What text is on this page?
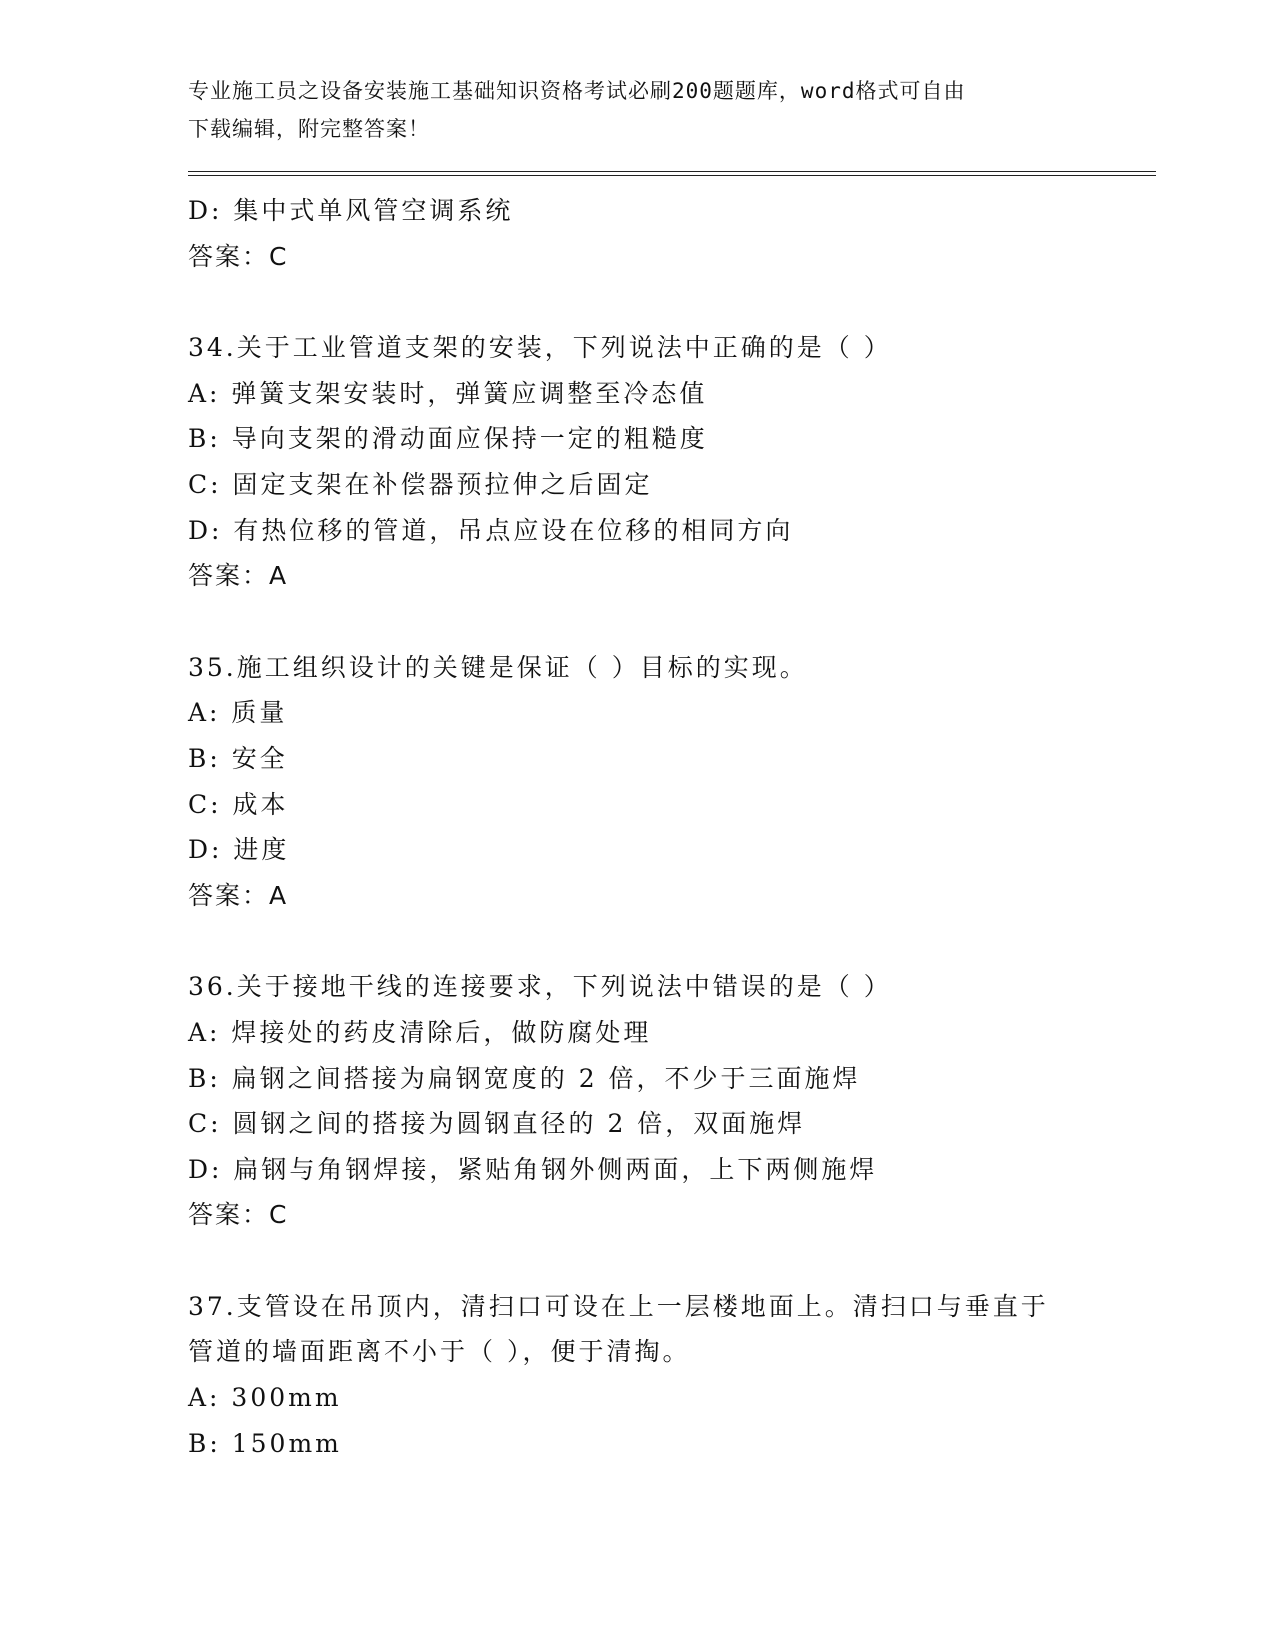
专业施工员之设备安装施工基础知识资格考试必刷200题题库，word格式可自由
下载编辑，附完整答案！
D: 集中式单风管空调系统
答案：C
34.关于工业管道支架的安装，下列说法中正确的是（ ）
A: 弹簧支架安装时，弹簧应调整至冷态值
B: 导向支架的滑动面应保持一定的粗糙度
C: 固定支架在补偿器预拉伸之后固定
D: 有热位移的管道，吊点应设在位移的相同方向
答案：A
35.施工组织设计的关键是保证（ ）目标的实现。
A: 质量
B: 安全
C: 成本
D: 进度
答案：A
36.关于接地干线的连接要求，下列说法中错误的是（ ）
A: 焊接处的药皮清除后，做防腐处理
B: 扁钢之间搭接为扁钢宽度的 2 倍，不少于三面施焊
C: 圆钢之间的搭接为圆钢直径的 2 倍，双面施焊
D: 扁钢与角钢焊接，紧贴角钢外侧两面，上下两侧施焊
答案：C
37.支管设在吊顶内，清扫口可设在上一层楼地面上。清扫口与垂直于
管道的墙面距离不小于（ ），便于清掏。
A: 300mm
B: 150mm
